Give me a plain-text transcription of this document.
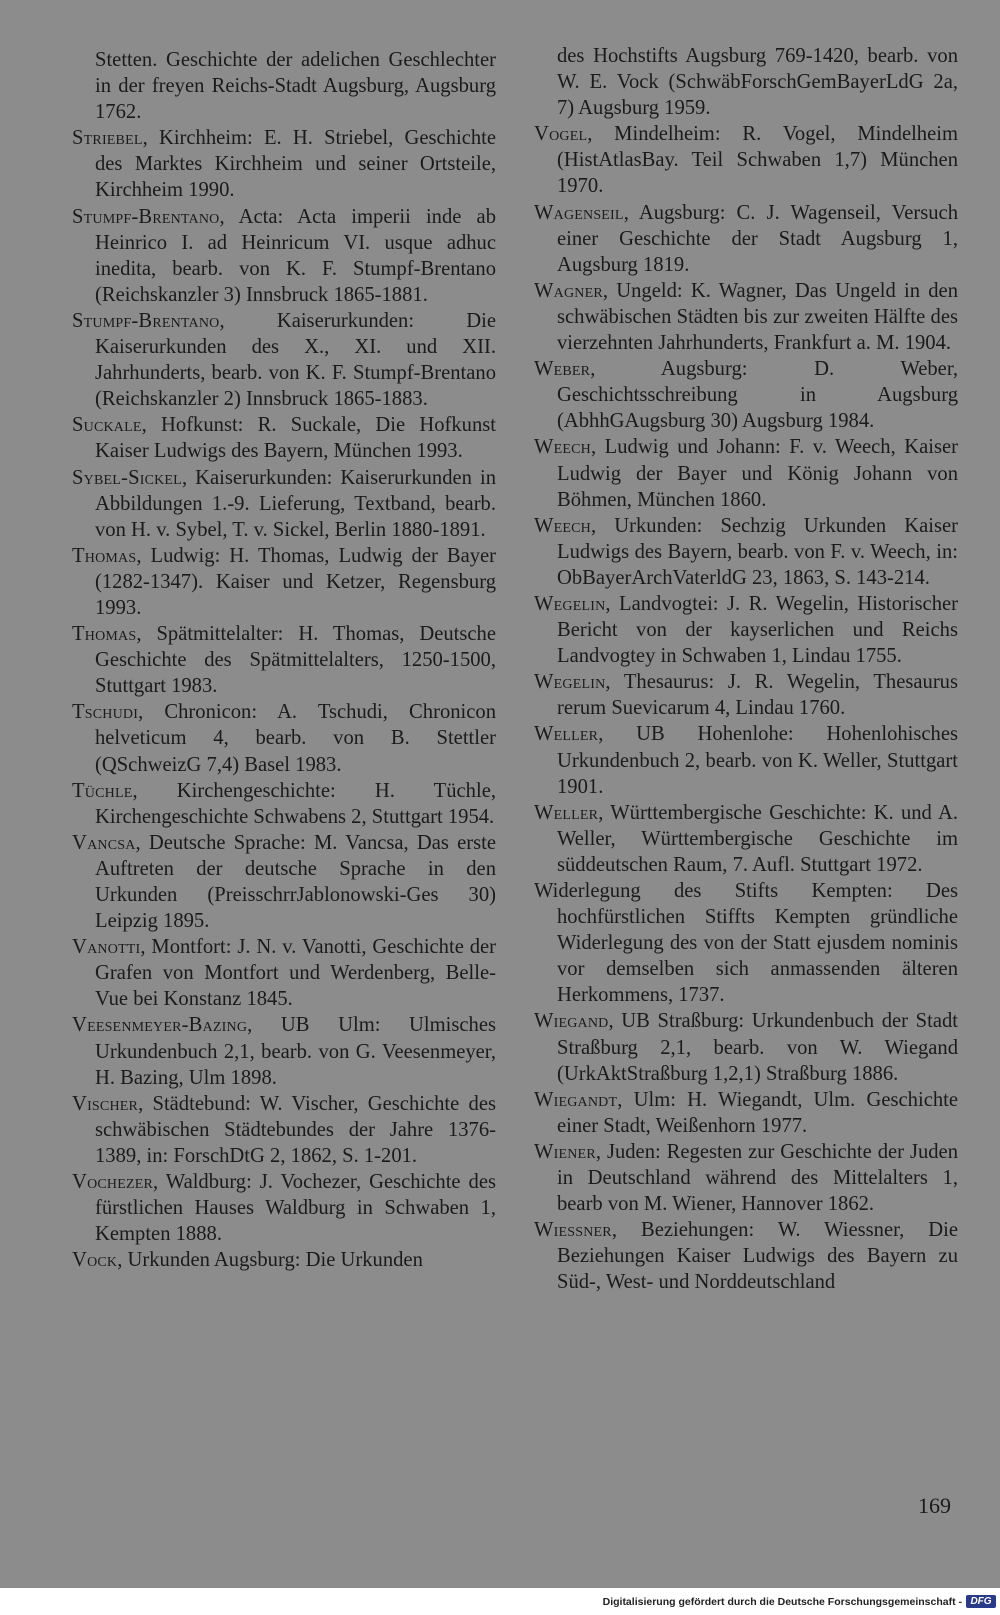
Stetten. Geschichte der adelichen Geschlechter in der freyen Reichs-Stadt Augsburg, Augsburg 1762.

Striebel, Kirchheim: E. H. Striebel, Geschichte des Marktes Kirchheim und seiner Ortsteile, Kirchheim 1990.

Stumpf-Brentano, Acta: Acta imperii inde ab Heinrico I. ad Heinricum VI. usque adhuc inedita, bearb. von K. F. Stumpf-Brentano (Reichskanzler 3) Innsbruck 1865-1881.

Stumpf-Brentano, Kaiserurkunden: Die Kaiserurkunden des X., XI. und XII. Jahrhunderts, bearb. von K. F. Stumpf-Brentano (Reichskanzler 2) Innsbruck 1865-1883.

Suckale, Hofkunst: R. Suckale, Die Hofkunst Kaiser Ludwigs des Bayern, München 1993.

Sybel-Sickel, Kaiserurkunden: Kaiserurkunden in Abbildungen 1.-9. Lieferung, Textband, bearb. von H. v. Sybel, T. v. Sickel, Berlin 1880-1891.

Thomas, Ludwig: H. Thomas, Ludwig der Bayer (1282-1347). Kaiser und Ketzer, Regensburg 1993.

Thomas, Spätmittelalter: H. Thomas, Deutsche Geschichte des Spätmittelalters, 1250-1500, Stuttgart 1983.

Tschudi, Chronicon: A. Tschudi, Chronicon helveticum 4, bearb. von B. Stettler (QSchweizG 7,4) Basel 1983.

Tüchle, Kirchengeschichte: H. Tüchle, Kirchengeschichte Schwabens 2, Stuttgart 1954.

Vancsa, Deutsche Sprache: M. Vancsa, Das erste Auftreten der deutsche Sprache in den Urkunden (PreisschrrJablonowski-Ges 30) Leipzig 1895.

Vanotti, Montfort: J. N. v. Vanotti, Geschichte der Grafen von Montfort und Werdenberg, Belle-Vue bei Konstanz 1845.

Veesenmeyer-Bazing, UB Ulm: Ulmisches Urkundenbuch 2,1, bearb. von G. Veesenmeyer, H. Bazing, Ulm 1898.

Vischer, Städtebund: W. Vischer, Geschichte des schwäbischen Städtebundes der Jahre 1376-1389, in: ForschDtG 2, 1862, S. 1-201.

Vochezer, Waldburg: J. Vochezer, Geschichte des fürstlichen Hauses Waldburg in Schwaben 1, Kempten 1888.

Vock, Urkunden Augsburg: Die Urkunden

des Hochstifts Augsburg 769-1420, bearb. von W. E. Vock (SchwäbForschGemBayerLdG 2a, 7) Augsburg 1959.

Vogel, Mindelheim: R. Vogel, Mindelheim (HistAtlasBay. Teil Schwaben 1,7) München 1970.

Wagenseil, Augsburg: C. J. Wagenseil, Versuch einer Geschichte der Stadt Augsburg 1, Augsburg 1819.

Wagner, Ungeld: K. Wagner, Das Ungeld in den schwäbischen Städten bis zur zweiten Hälfte des vierzehnten Jahrhunderts, Frankfurt a. M. 1904.

Weber, Augsburg: D. Weber, Geschichtsschreibung in Augsburg (AbhhGAugsburg 30) Augsburg 1984.

Weech, Ludwig und Johann: F. v. Weech, Kaiser Ludwig der Bayer und König Johann von Böhmen, München 1860.

Weech, Urkunden: Sechzig Urkunden Kaiser Ludwigs des Bayern, bearb. von F. v. Weech, in: ObBayerArchVaterldG 23, 1863, S. 143-214.

Wegelin, Landvogtei: J. R. Wegelin, Historischer Bericht von der kayserlichen und Reichs Landvogtey in Schwaben 1, Lindau 1755.

Wegelin, Thesaurus: J. R. Wegelin, Thesaurus rerum Suevicarum 4, Lindau 1760.

Weller, UB Hohenlohe: Hohenlohisches Urkundenbuch 2, bearb. von K. Weller, Stuttgart 1901.

Weller, Württembergische Geschichte: K. und A. Weller, Württembergische Geschichte im süddeutschen Raum, 7. Aufl. Stuttgart 1972.

Widerlegung des Stifts Kempten: Des hochfürstlichen Stiffts Kempten gründliche Widerlegung des von der Statt ejusdem nominis vor demselben sich anmassenden älteren Herkommens, 1737.

Wiegand, UB Straßburg: Urkundenbuch der Stadt Straßburg 2,1, bearb. von W. Wiegand (UrkAktStraßburg 1,2,1) Straßburg 1886.

Wiegandt, Ulm: H. Wiegandt, Ulm. Geschichte einer Stadt, Weißenhorn 1977.

Wiener, Juden: Regesten zur Geschichte der Juden in Deutschland während des Mittelalters 1, bearb von M. Wiener, Hannover 1862.

Wiessner, Beziehungen: W. Wiessner, Die Beziehungen Kaiser Ludwigs des Bayern zu Süd-, West- und Norddeutschland

169
Digitalisierung gefördert durch die Deutsche Forschungsgemeinschaft - DFG
